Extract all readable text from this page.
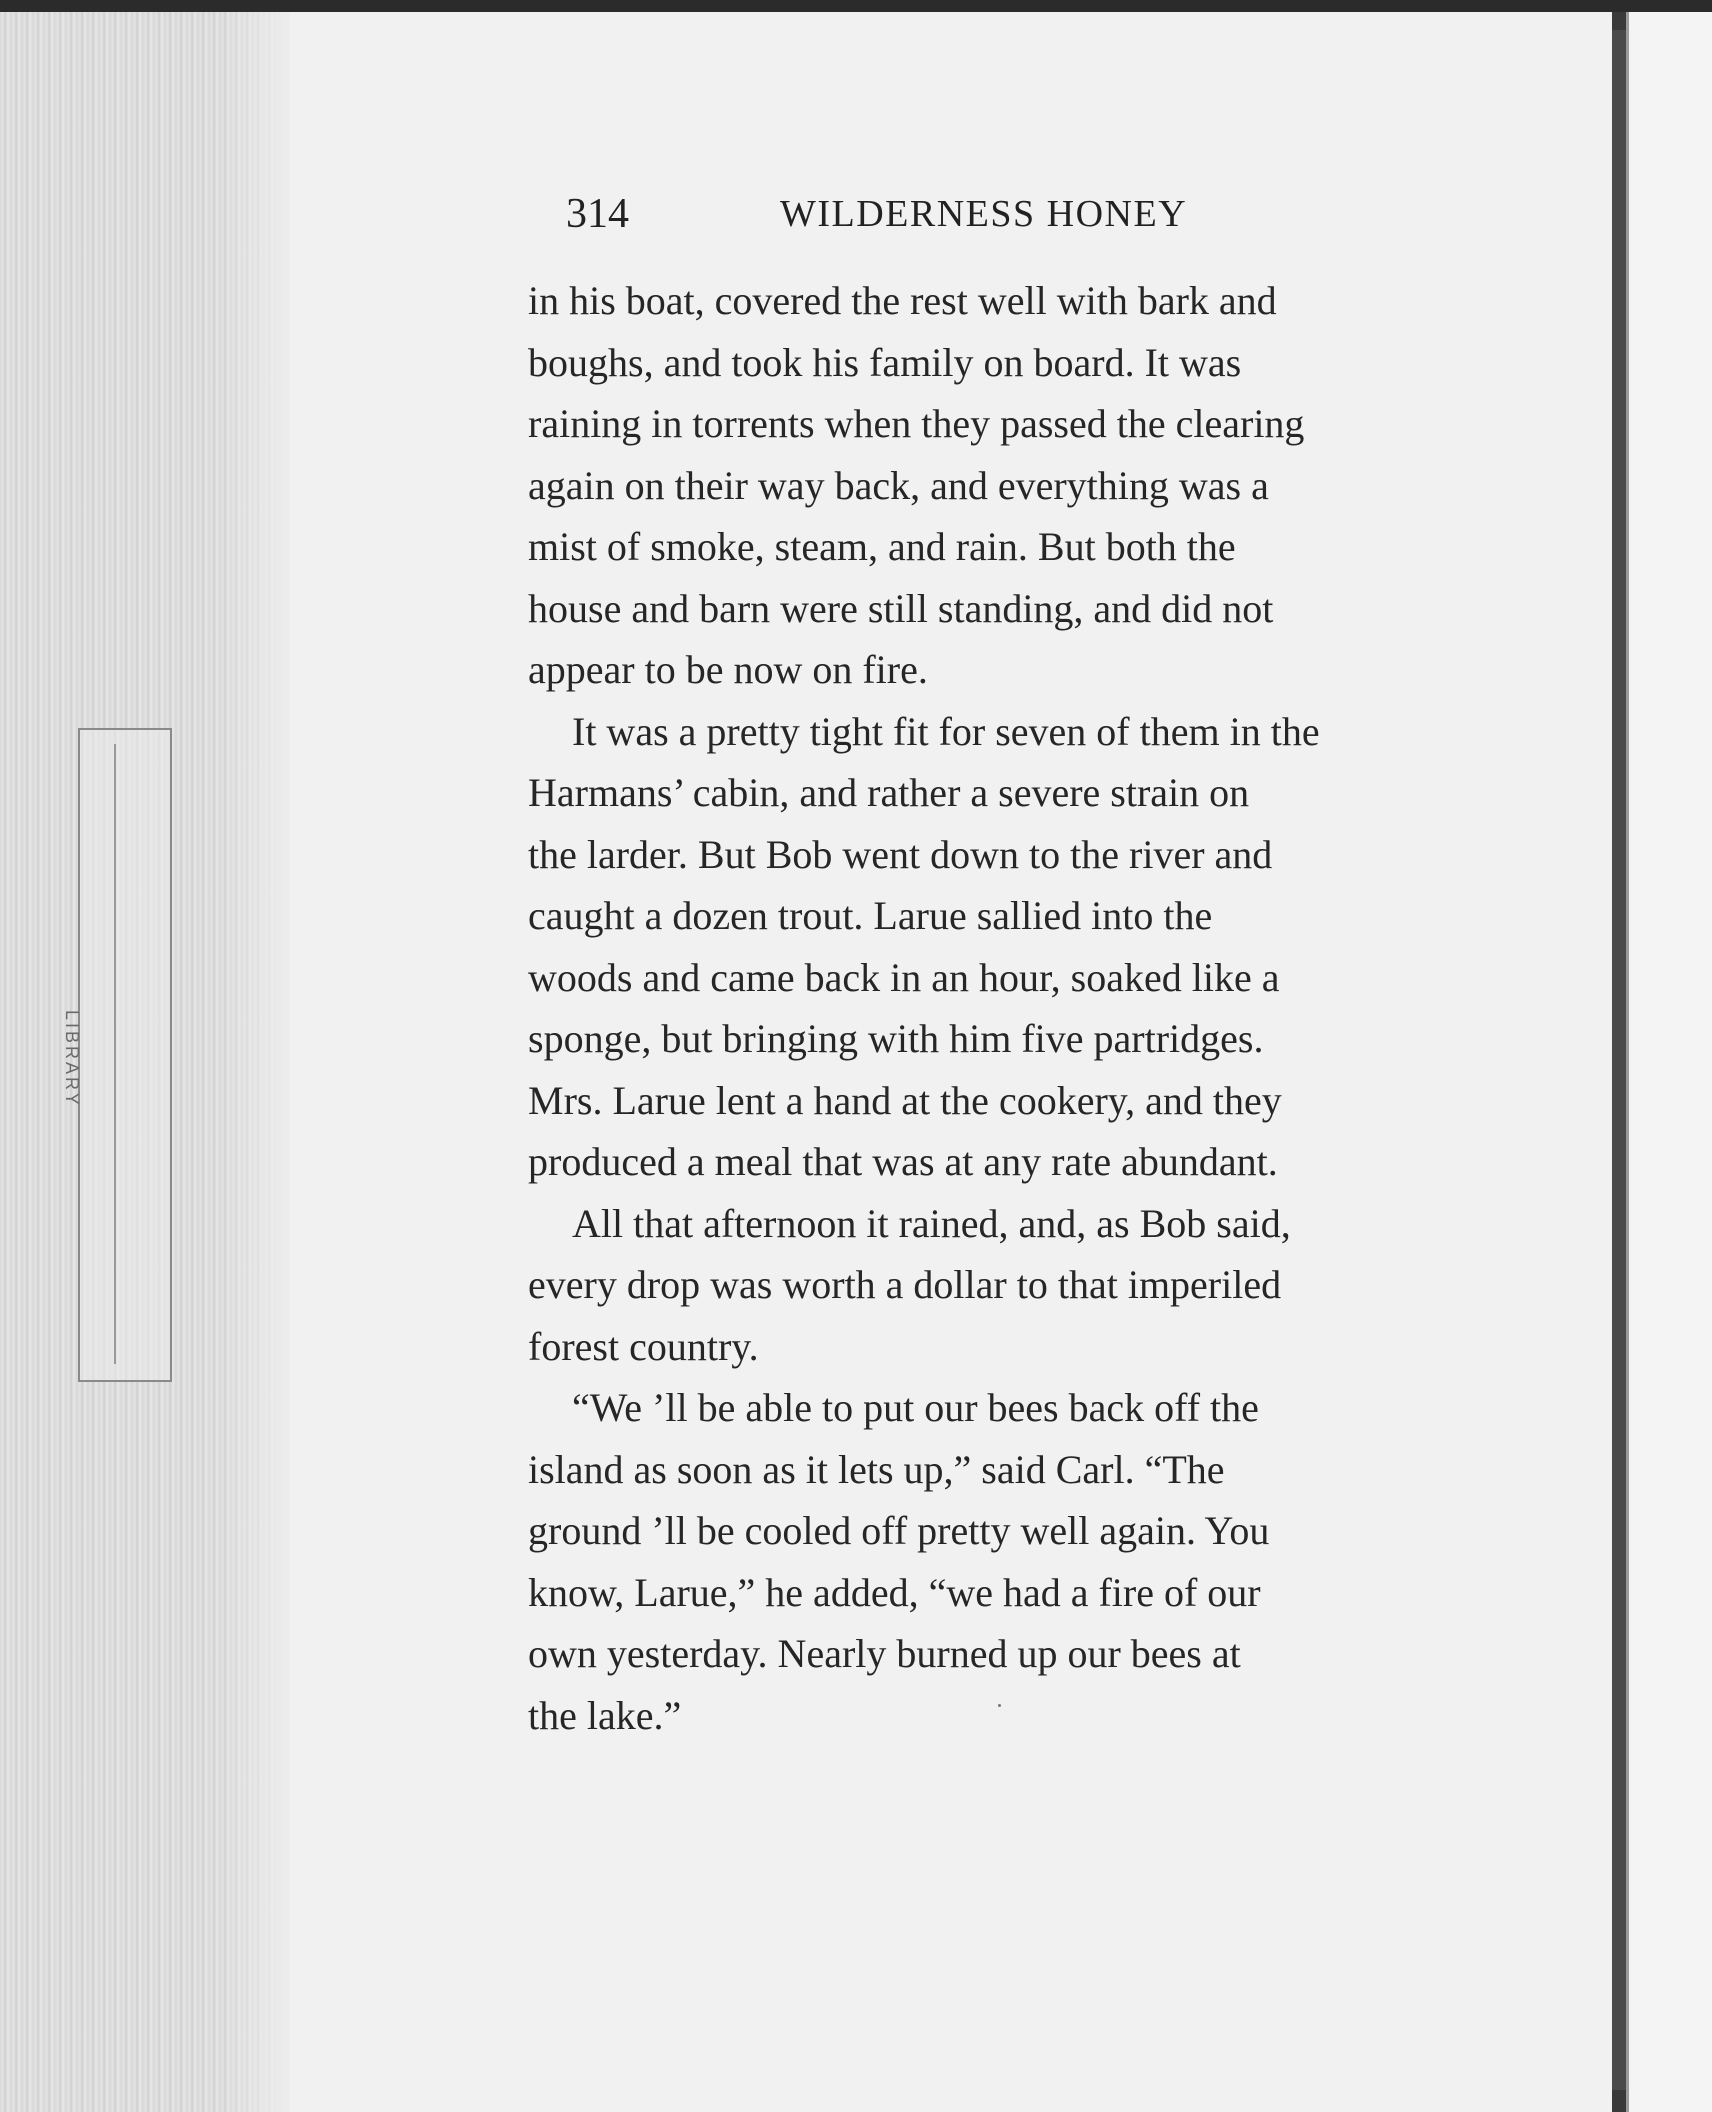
LIBRARY
314	WILDERNESS HONEY
in his boat, covered the rest well with bark and
boughs, and took his family on board. It was
raining in torrents when they passed the clearing
again on their way back, and everything was a
mist of smoke, steam, and rain. But both the
house and barn were still standing, and did not
appear to be now on fire.
It was a pretty tight fit for seven of them in the
Harmans’ cabin, and rather a severe strain on
the larder. But Bob went down to the river and
caught a dozen trout. Larue sallied into the
woods and came back in an hour, soaked like a
sponge, but bringing with him five partridges.
Mrs. Larue lent a hand at the cookery, and they
produced a meal that was at any rate abundant.
All that afternoon it rained, and, as Bob said,
every drop was worth a dollar to that imperiled
forest country.
“We ’ll be able to put our bees back off the
island as soon as it lets up,” said Carl. “The
ground ’ll be cooled off pretty well again. You
know, Larue,” he added, “we had a fire of our
own yesterday. Nearly burned up our bees at
the lake.”
